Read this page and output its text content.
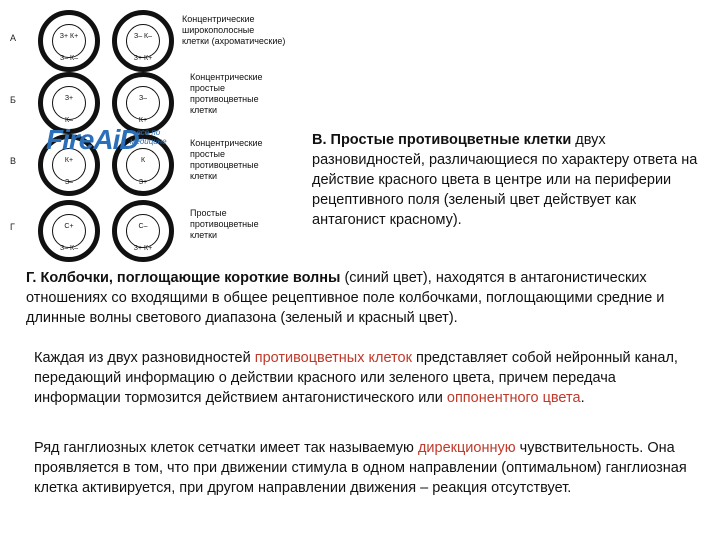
А	З+ К+
З– К–
З– К–
З+ К+
Концентрические
широкополосные
клетки (ахроматические)
Б	З+
К–
З–
К+
Концентрические
простые
противоцветные
клетки
В	К+
З–
К
З+
Концентрические
простые
противоцветные
клетки
Г	С+
З– К–
С–
З+ К+
Простые
противоцветные
клетки
FireAiD
– все по
медицине	В. Простые противоцветные клетки двух разновидностей, различающиеся по характеру ответа на действие красного цвета в центре или на периферии рецептивного поля (зеленый цвет действует как антагонист красному).
Г. Колбочки, поглощающие короткие волны (синий цвет), находятся в антагонистических отношениях со входящими в общее рецептивное поле колбочками, поглощающими средние и длинные волны светового диапазона (зеленый и красный цвет).
Каждая из двух разновидностей противоцветных клеток представляет собой нейронный канал, передающий информацию о действии красного или зеленого цвета, причем передача информации тормозится действием антагонистического или оппонентного цвета.
Ряд ганглиозных клеток сетчатки имеет так называемую дирекционную чувствительность. Она проявляется в том, что при движении стимула в одном направлении (оптимальном) ганглиозная клетка активируется, при другом направлении движения – реакция отсутствует.
